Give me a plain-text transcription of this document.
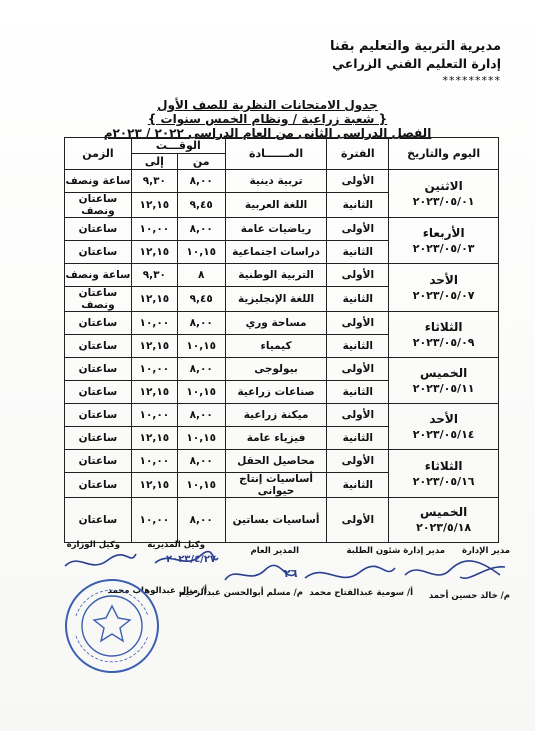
مديرية التربية والتعليم بقنا
إدارة التعليم الفني الزراعي
*********
جدول الامتحانات النظرية للصف الأول
{ شعبة زراعية / ونظام الخمس سنوات }
الفصل الدراسى الثانى من العام الدراسى ٢٠٢٢ / ٢٠٢٣م
اليوم والتاريخ	الفترة	المــــــادة	الوقـــت		الزمن
			من	إلى	

الاثنين
٢٠٢٣/٠٥/٠١	الأولى	تربية دينية	٨,٠٠	٩,٣٠	ساعة ونصف
	الثانية	اللغة العربية	٩,٤٥	١٢,١٥	ساعتان ونصف

الأربعاء
٢٠٢٣/٠٥/٠٣	الأولى	رياضيات عامة	٨,٠٠	١٠,٠٠	ساعتان
	الثانية	دراسات اجتماعية	١٠,١٥	١٢,١٥	ساعتان

الأحد
٢٠٢٣/٠٥/٠٧	الأولى	التربية الوطنية	٨	٩,٣٠	ساعة ونصف
	الثانية	اللغة الإنجليزية	٩,٤٥	١٢,١٥	ساعتان ونصف

الثلاثاء
٢٠٢٣/٠٥/٠٩	الأولى	مساحة وري	٨,٠٠	١٠,٠٠	ساعتان
	الثانية	كيمياء	١٠,١٥	١٢,١٥	ساعتان

الخميس
٢٠٢٣/٠٥/١١	الأولى	بيولوجى	٨,٠٠	١٠,٠٠	ساعتان
	الثانية	صناعات زراعية	١٠,١٥	١٢,١٥	ساعتان

الأحد
٢٠٢٣/٠٥/١٤	الأولى	ميكنة زراعية	٨,٠٠	١٠,٠٠	ساعتان
	الثانية	فيزياء عامة	١٠,١٥	١٢,١٥	ساعتان

الثلاثاء
٢٠٢٣/٠٥/١٦	الأولى	محاصيل الحقل	٨,٠٠	١٠,٠٠	ساعتان
	الثانية	أساسيات إنتاج حيوانى	١٠,١٥	١٢,١٥	ساعتان

الخميس
٢٠٢٣/٥/١٨	الأولى	أساسيات بساتين	٨,٠٠	١٠,٠٠	ساعتان
مدير الإدارة
مدير إدارة شئون الطلبة
المدير العام
وكيل المديرية
وكيل الوزارة
٢٠٢٣/٤/٢٧
٢٦
م/ خالد حسين أحمد
أ/ سومية عبدالفتاح محمد
م/ مسلم أبوالحسن عبدالرحيم
أ/ منال عبدالوهاب محمد
